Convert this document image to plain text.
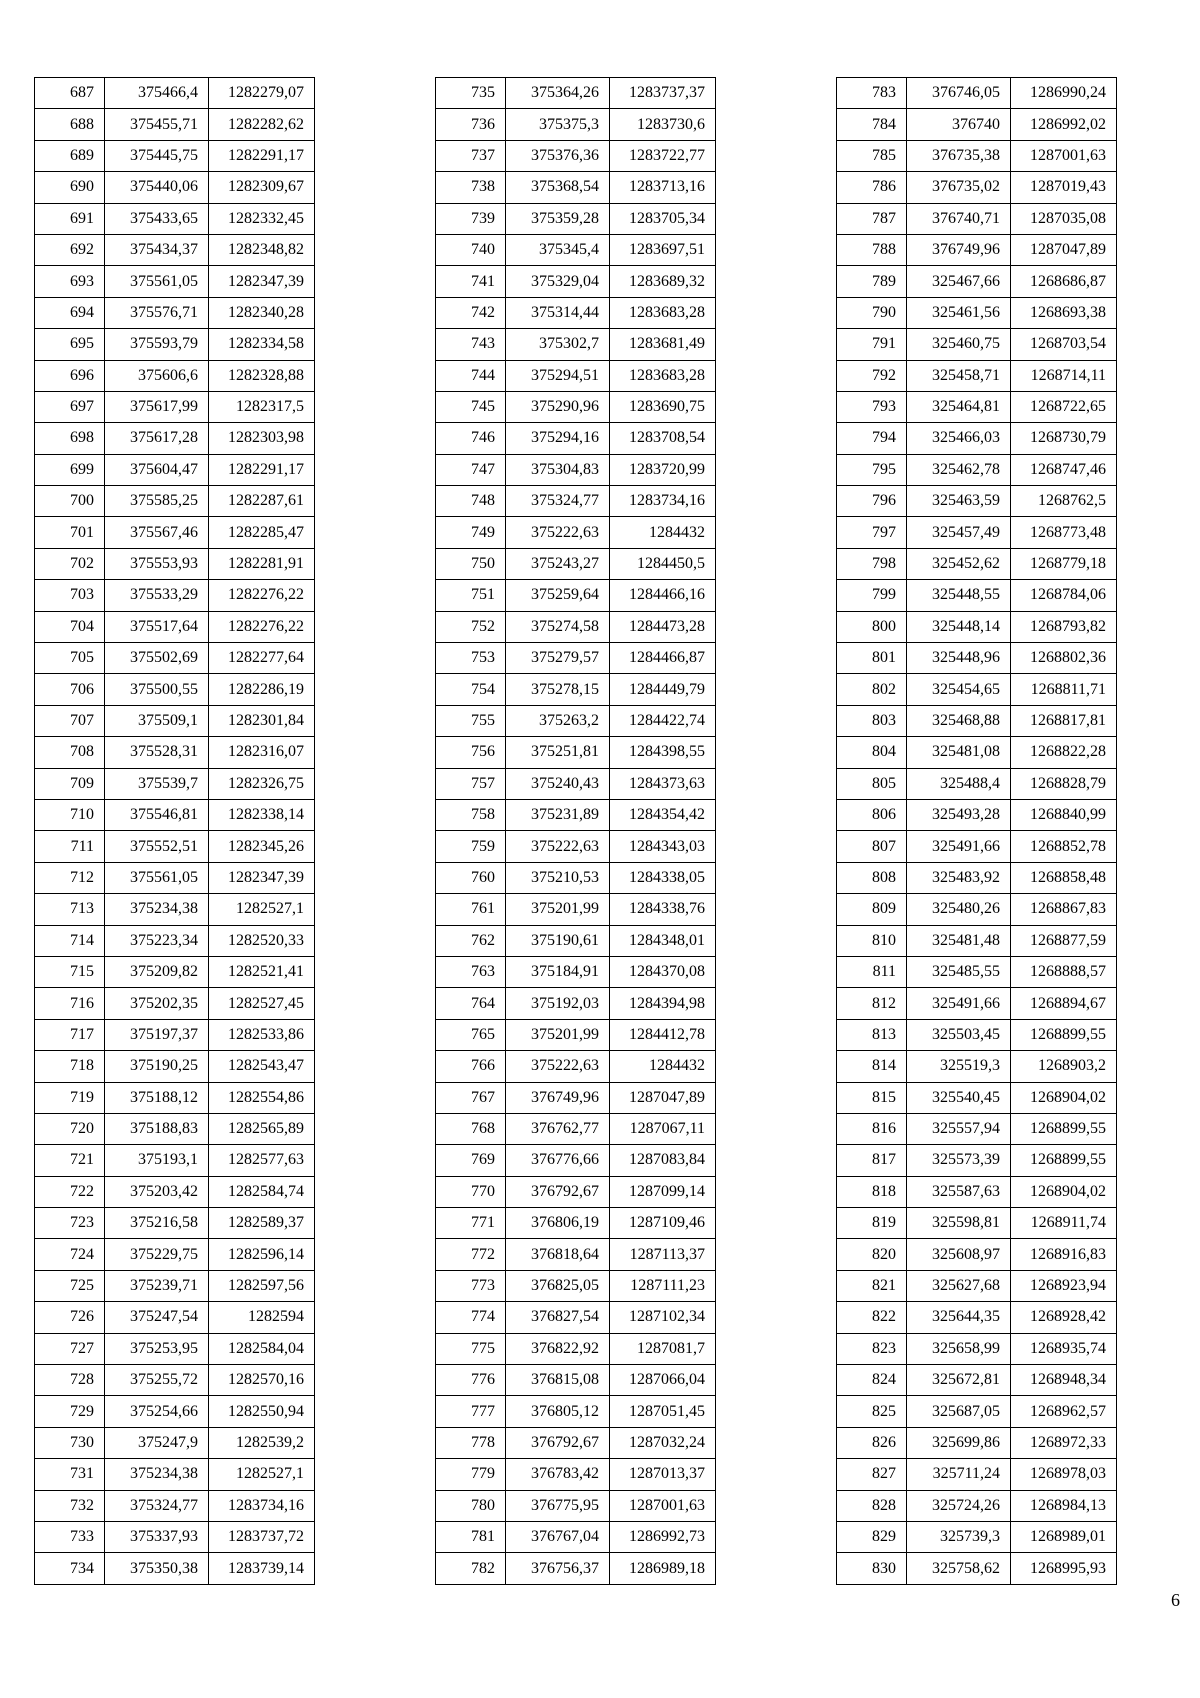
687	375466,4	1282279,07
688	375455,71	1282282,62
689	375445,75	1282291,17
690	375440,06	1282309,67
691	375433,65	1282332,45
692	375434,37	1282348,82
693	375561,05	1282347,39
694	375576,71	1282340,28
695	375593,79	1282334,58
696	375606,6	1282328,88
697	375617,99	1282317,5
698	375617,28	1282303,98
699	375604,47	1282291,17
700	375585,25	1282287,61
701	375567,46	1282285,47
702	375553,93	1282281,91
703	375533,29	1282276,22
704	375517,64	1282276,22
705	375502,69	1282277,64
706	375500,55	1282286,19
707	375509,1	1282301,84
708	375528,31	1282316,07
709	375539,7	1282326,75
710	375546,81	1282338,14
711	375552,51	1282345,26
712	375561,05	1282347,39
713	375234,38	1282527,1
714	375223,34	1282520,33
715	375209,82	1282521,41
716	375202,35	1282527,45
717	375197,37	1282533,86
718	375190,25	1282543,47
719	375188,12	1282554,86
720	375188,83	1282565,89
721	375193,1	1282577,63
722	375203,42	1282584,74
723	375216,58	1282589,37
724	375229,75	1282596,14
725	375239,71	1282597,56
726	375247,54	1282594
727	375253,95	1282584,04
728	375255,72	1282570,16
729	375254,66	1282550,94
730	375247,9	1282539,2
731	375234,38	1282527,1
732	375324,77	1283734,16
733	375337,93	1283737,72
734	375350,38	1283739,14
735	375364,26	1283737,37
736	375375,3	1283730,6
737	375376,36	1283722,77
738	375368,54	1283713,16
739	375359,28	1283705,34
740	375345,4	1283697,51
741	375329,04	1283689,32
742	375314,44	1283683,28
743	375302,7	1283681,49
744	375294,51	1283683,28
745	375290,96	1283690,75
746	375294,16	1283708,54
747	375304,83	1283720,99
748	375324,77	1283734,16
749	375222,63	1284432
750	375243,27	1284450,5
751	375259,64	1284466,16
752	375274,58	1284473,28
753	375279,57	1284466,87
754	375278,15	1284449,79
755	375263,2	1284422,74
756	375251,81	1284398,55
757	375240,43	1284373,63
758	375231,89	1284354,42
759	375222,63	1284343,03
760	375210,53	1284338,05
761	375201,99	1284338,76
762	375190,61	1284348,01
763	375184,91	1284370,08
764	375192,03	1284394,98
765	375201,99	1284412,78
766	375222,63	1284432
767	376749,96	1287047,89
768	376762,77	1287067,11
769	376776,66	1287083,84
770	376792,67	1287099,14
771	376806,19	1287109,46
772	376818,64	1287113,37
773	376825,05	1287111,23
774	376827,54	1287102,34
775	376822,92	1287081,7
776	376815,08	1287066,04
777	376805,12	1287051,45
778	376792,67	1287032,24
779	376783,42	1287013,37
780	376775,95	1287001,63
781	376767,04	1286992,73
782	376756,37	1286989,18
783	376746,05	1286990,24
784	376740	1286992,02
785	376735,38	1287001,63
786	376735,02	1287019,43
787	376740,71	1287035,08
788	376749,96	1287047,89
789	325467,66	1268686,87
790	325461,56	1268693,38
791	325460,75	1268703,54
792	325458,71	1268714,11
793	325464,81	1268722,65
794	325466,03	1268730,79
795	325462,78	1268747,46
796	325463,59	1268762,5
797	325457,49	1268773,48
798	325452,62	1268779,18
799	325448,55	1268784,06
800	325448,14	1268793,82
801	325448,96	1268802,36
802	325454,65	1268811,71
803	325468,88	1268817,81
804	325481,08	1268822,28
805	325488,4	1268828,79
806	325493,28	1268840,99
807	325491,66	1268852,78
808	325483,92	1268858,48
809	325480,26	1268867,83
810	325481,48	1268877,59
811	325485,55	1268888,57
812	325491,66	1268894,67
813	325503,45	1268899,55
814	325519,3	1268903,2
815	325540,45	1268904,02
816	325557,94	1268899,55
817	325573,39	1268899,55
818	325587,63	1268904,02
819	325598,81	1268911,74
820	325608,97	1268916,83
821	325627,68	1268923,94
822	325644,35	1268928,42
823	325658,99	1268935,74
824	325672,81	1268948,34
825	325687,05	1268962,57
826	325699,86	1268972,33
827	325711,24	1268978,03
828	325724,26	1268984,13
829	325739,3	1268989,01
830	325758,62	1268995,93
6
